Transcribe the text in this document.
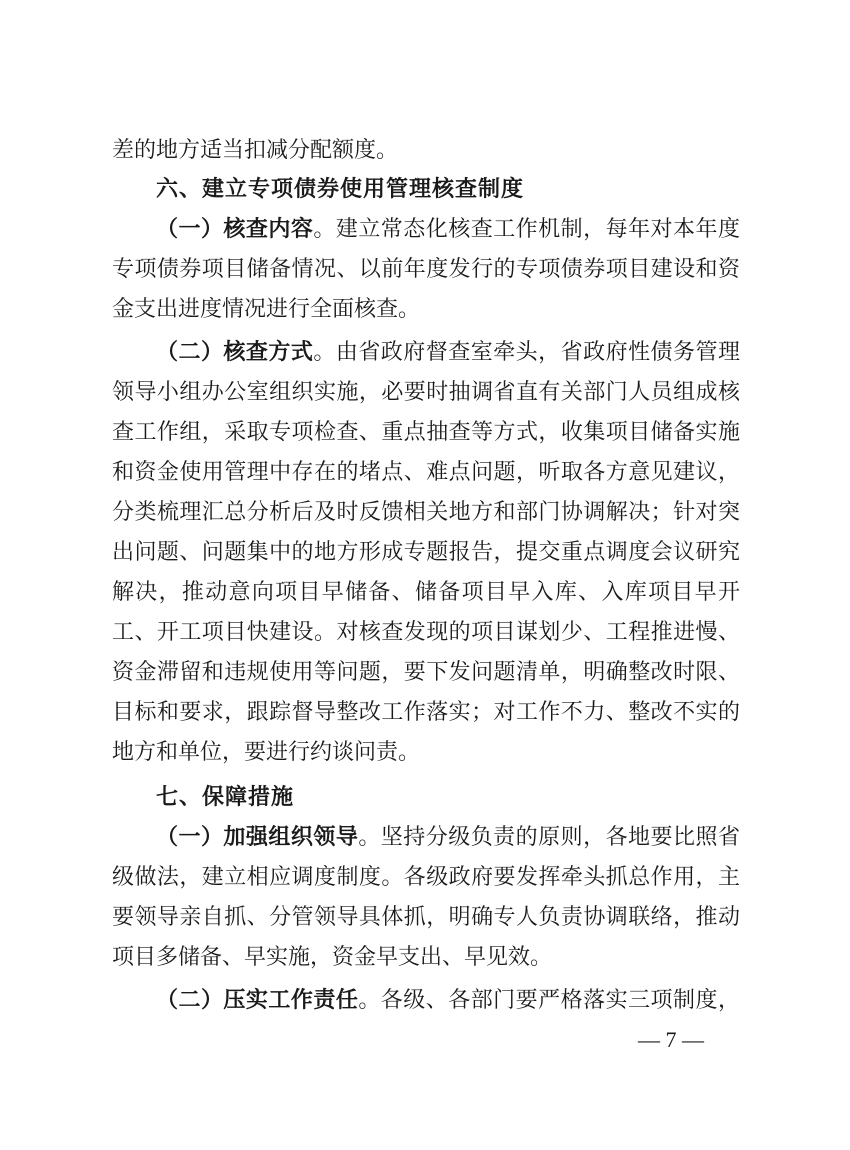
差的地方适当扣减分配额度。
六、建立专项债券使用管理核查制度
（一）核查内容。建立常态化核查工作机制，每年对本年度
专项债券项目储备情况、以前年度发行的专项债券项目建设和资
金支出进度情况进行全面核查。
（二）核查方式。由省政府督查室牵头，省政府性债务管理
领导小组办公室组织实施，必要时抽调省直有关部门人员组成核
查工作组，采取专项检查、重点抽查等方式，收集项目储备实施
和资金使用管理中存在的堵点、难点问题，听取各方意见建议，
分类梳理汇总分析后及时反馈相关地方和部门协调解决；针对突
出问题、问题集中的地方形成专题报告，提交重点调度会议研究
解决，推动意向项目早储备、储备项目早入库、入库项目早开
工、开工项目快建设。对核查发现的项目谋划少、工程推进慢、
资金滞留和违规使用等问题，要下发问题清单，明确整改时限、
目标和要求，跟踪督导整改工作落实；对工作不力、整改不实的
地方和单位，要进行约谈问责。
七、保障措施
（一）加强组织领导。坚持分级负责的原则，各地要比照省
级做法，建立相应调度制度。各级政府要发挥牵头抓总作用，主
要领导亲自抓、分管领导具体抓，明确专人负责协调联络，推动
项目多储备、早实施，资金早支出、早见效。
（二）压实工作责任。各级、各部门要严格落实三项制度，
— 7 —
